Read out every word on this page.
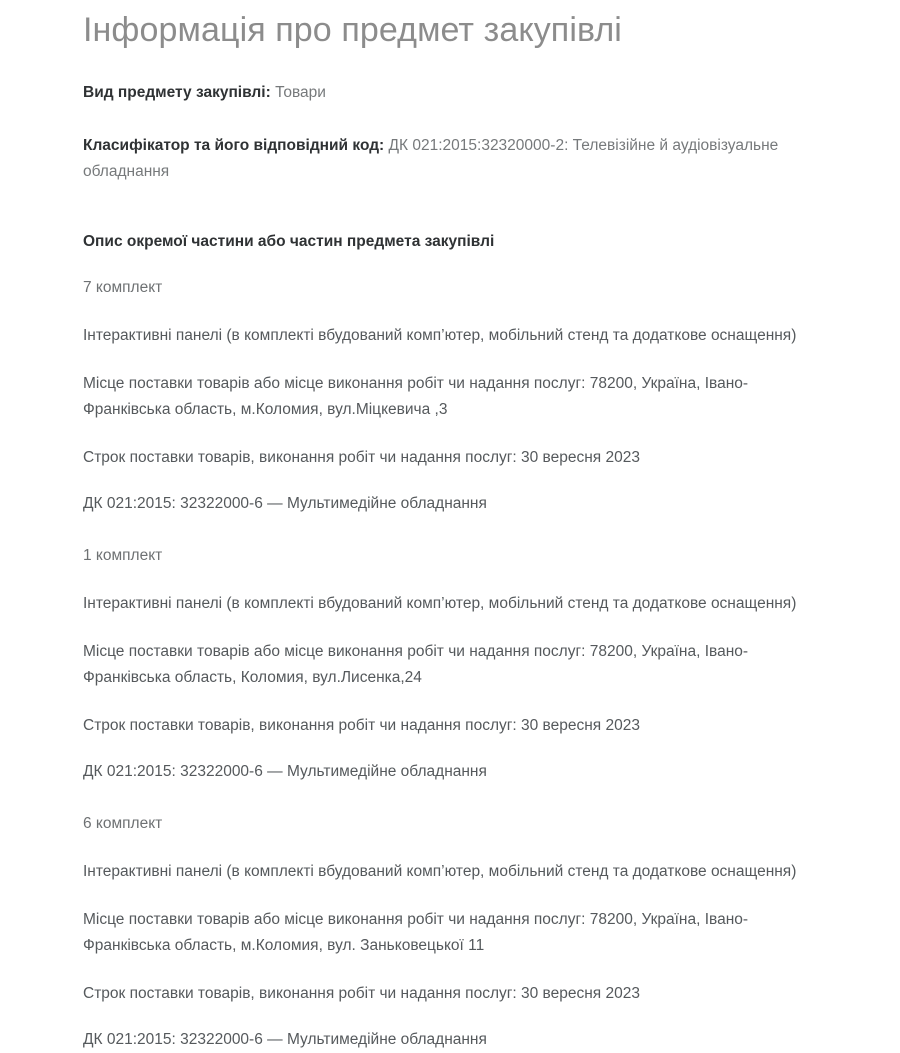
Інформація про предмет закупівлі

Вид предмету закупівлі: Товари

Класифікатор та його відповідний код: ДК 021:2015:32320000-2: Телевізійне й аудіовізуальне обладнання

Опис окремої частини або частин предмета закупівлі

7 комплект

Інтерактивні панелі (в комплекті вбудований комп’ютер, мобільний стенд та додаткове оснащення)

Місце поставки товарів або місце виконання робіт чи надання послуг: 78200, Україна, Івано-Франківська область, м.Коломия, вул.Міцкевича ,3

Строк поставки товарів, виконання робіт чи надання послуг: 30 вересня 2023

ДК 021:2015: 32322000-6 — Мультимедійне обладнання

1 комплект

Інтерактивні панелі (в комплекті вбудований комп’ютер, мобільний стенд та додаткове оснащення)

Місце поставки товарів або місце виконання робіт чи надання послуг: 78200, Україна, Івано-Франківська область, Коломия, вул.Лисенка,24

Строк поставки товарів, виконання робіт чи надання послуг: 30 вересня 2023

ДК 021:2015: 32322000-6 — Мультимедійне обладнання

6 комплект

Інтерактивні панелі (в комплекті вбудований комп’ютер, мобільний стенд та додаткове оснащення)

Місце поставки товарів або місце виконання робіт чи надання послуг: 78200, Україна, Івано-Франківська область, м.Коломия, вул. Заньковецької 11

Строк поставки товарів, виконання робіт чи надання послуг: 30 вересня 2023

ДК 021:2015: 32322000-6 — Мультимедійне обладнання
